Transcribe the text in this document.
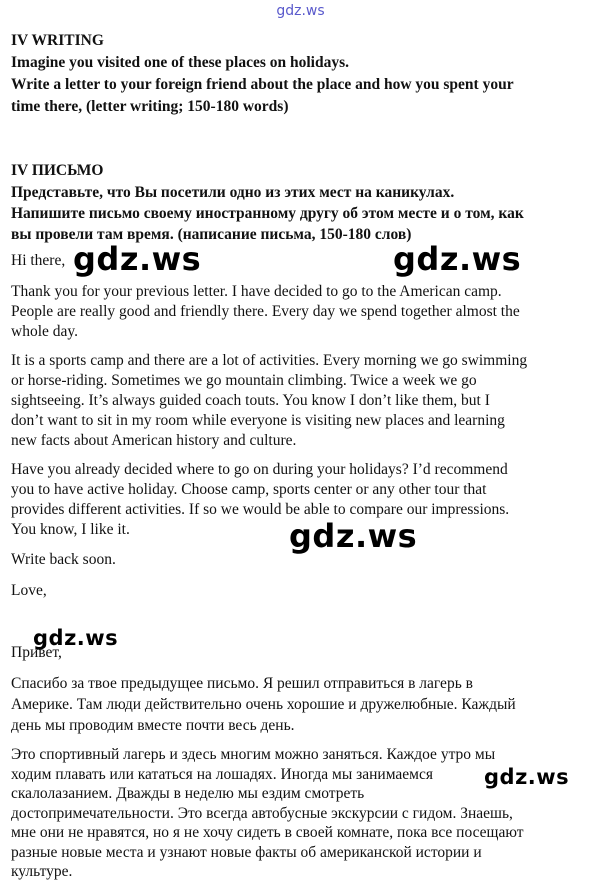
gdz.ws

IV WRITING

Imagine you visited one of these places on holidays.

Write a letter to your foreign friend about the place and how you spent your

time there, (letter writing; 150-180 words)

IV ПИСЬМО

Представьте, что Вы посетили одно из этих мест на каникулах.

Напишите письмо своему иностранному другу об этом месте и о том, как

вы провели там время. (написание письма, 150-180 слов)

Hi there,

Thank you for your previous letter. I have decided to go to the American camp.

People are really good and friendly there. Every day we spend together almost the

whole day.

It is a sports camp and there are a lot of activities. Every morning we go swimming

or horse-riding. Sometimes we go mountain climbing. Twice a week we go

sightseeing. It’s always guided coach touts. You know I don’t like them, but I

don’t want to sit in my room while everyone is visiting new places and learning

new facts about American history and culture.

Have you already decided where to go on during your holidays? I’d recommend

you to have active holiday. Choose camp, sports center or any other tour that

provides different activities. If so we would be able to compare our impressions.

You know, I like it.

Write back soon.

Love,

Привет,

Спасибо за твое предыдущее письмо. Я решил отправиться в лагерь в

Америке. Там люди действительно очень хорошие и дружелюбные. Каждый

день мы проводим вместе почти весь день.

Это спортивный лагерь и здесь многим можно заняться. Каждое утро мы

ходим плавать или кататься на лошадях. Иногда мы занимаемся

скалолазанием. Дважды в неделю мы ездим смотреть

достопримечательности. Это всегда автобусные экскурсии с гидом. Знаешь,

мне они не нравятся, но я не хочу сидеть в своей комнате, пока все посещают

разные новые места и узнают новые факты об американской истории и

культуре.

gdz.ws	gdz.ws
gdz.ws
gdz.ws
gdz.ws
